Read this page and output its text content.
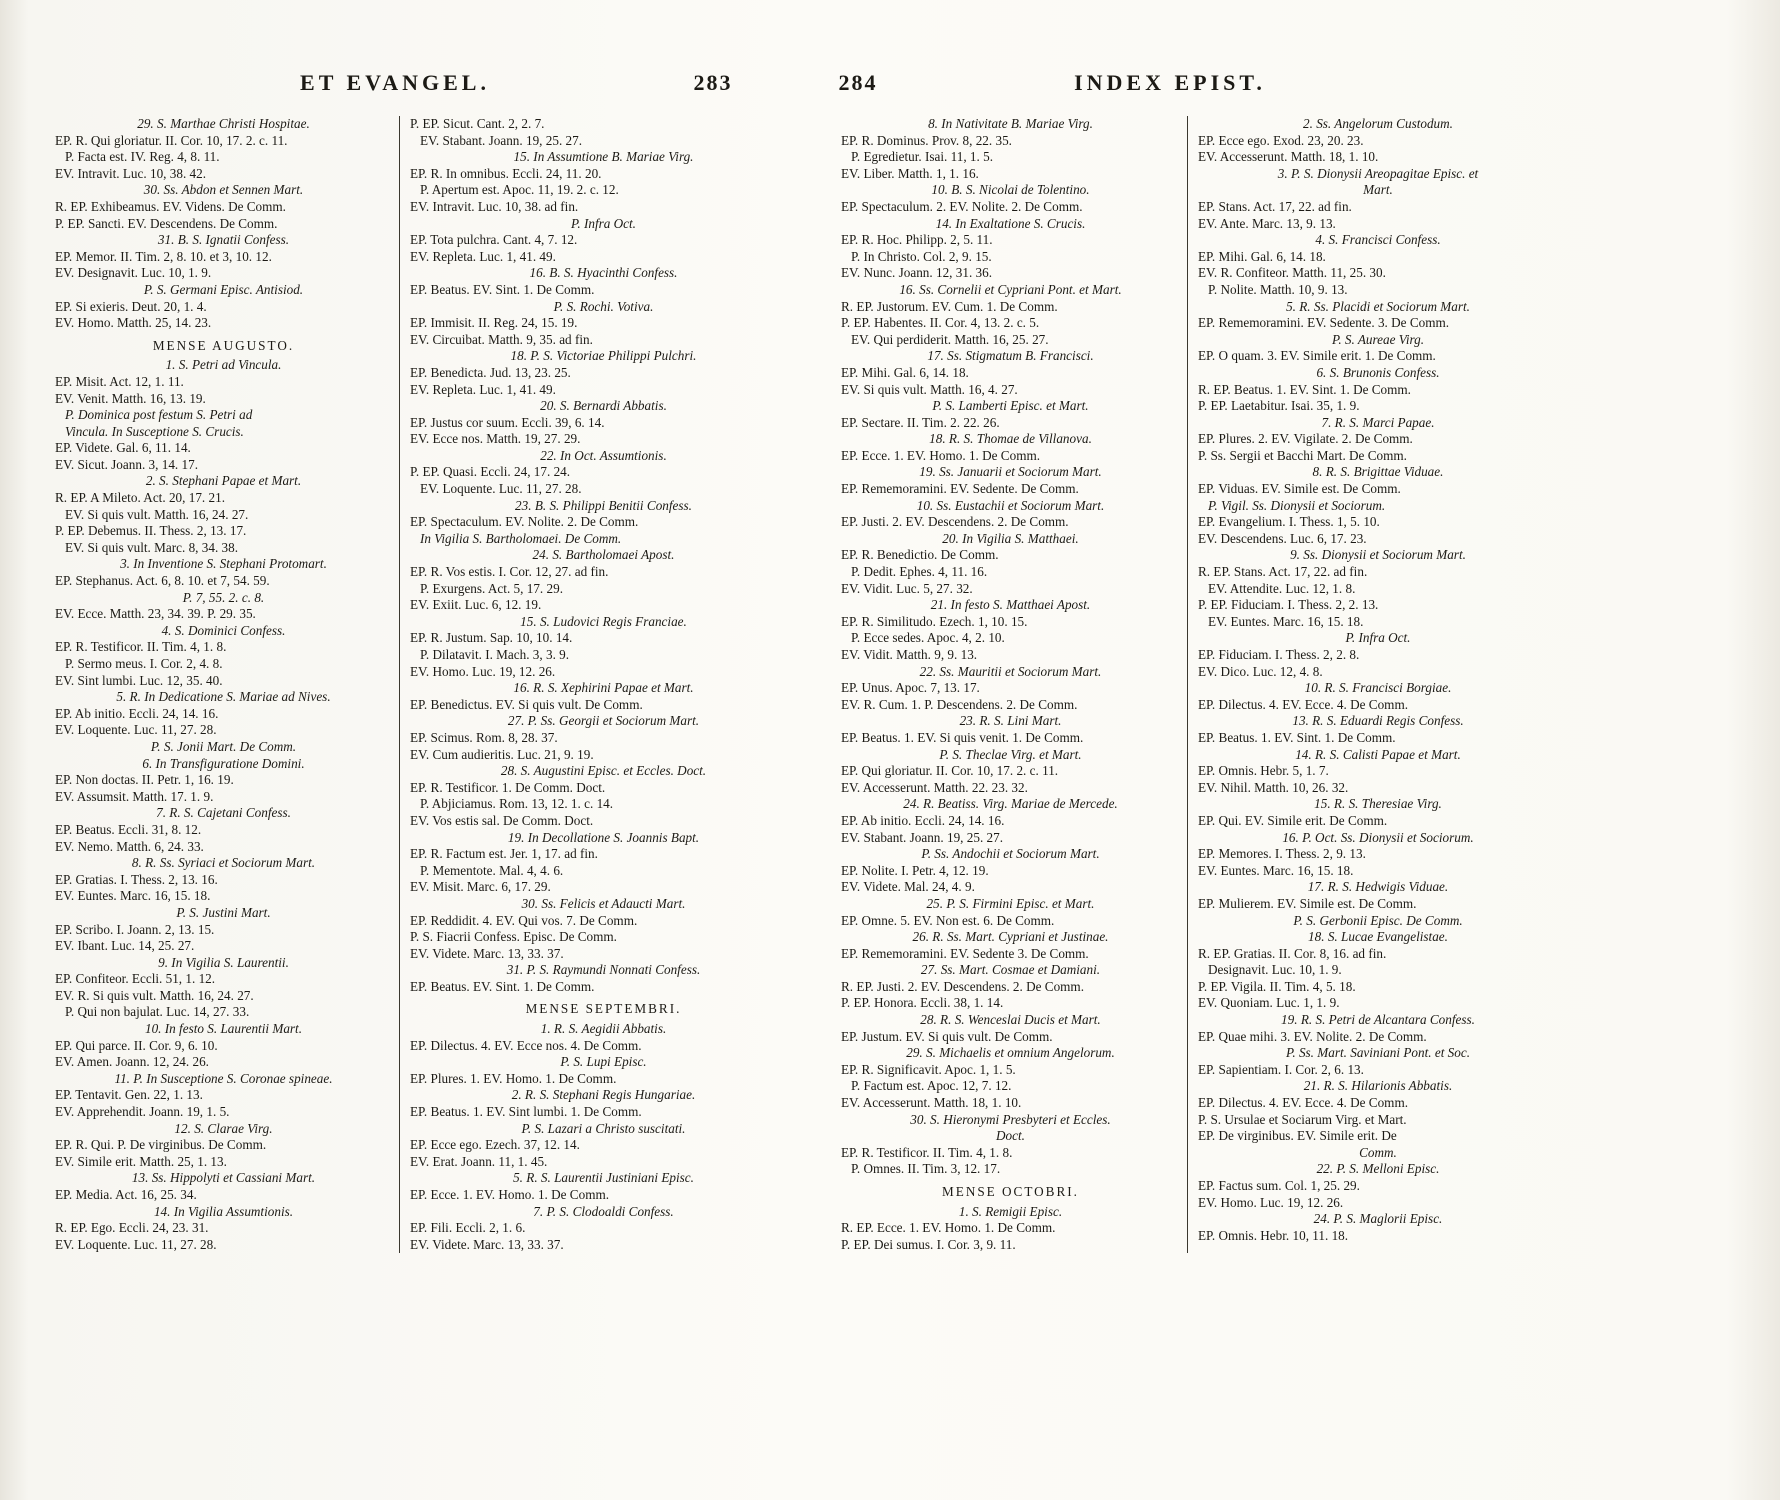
ET EVANGEL.	283	284	INDEX EPIST.
29. S. Marthae Christi Hospitae.
EP. R. Qui gloriatur. II. Cor. 10, 17. 2. c. 11.
P. Facta est. IV. Reg. 4, 8. 11.
EV. Intravit. Luc. 10, 38. 42.
30. Ss. Abdon et Sennen Mart.
R. EP. Exhibeamus. EV. Videns. De Comm.
P. EP. Sancti. EV. Descendens. De Comm.
31. B. S. Ignatii Confess.
EP. Memor. II. Tim. 2, 8. 10. et 3, 10. 12.
EV. Designavit. Luc. 10, 1. 9.
P. S. Germani Episc. Antisiod.
EP. Si exieris. Deut. 20, 1. 4.
EV. Homo. Matth. 25, 14. 23.
MENSE AUGUSTO.
1. S. Petri ad Vincula.
EP. Misit. Act. 12, 1. 11.
EV. Venit. Matth. 16, 13. 19.
P. Dominica post festum S. Petri ad
Vincula. In Susceptione S. Crucis.
EP. Videte. Gal. 6, 11. 14.
EV. Sicut. Joann. 3, 14. 17.
2. S. Stephani Papae et Mart.
R. EP. A Mileto. Act. 20, 17. 21.
EV. Si quis vult. Matth. 16, 24. 27.
P. EP. Debemus. II. Thess. 2, 13. 17.
EV. Si quis vult. Marc. 8, 34. 38.
3. In Inventione S. Stephani Protomart.
EP. Stephanus. Act. 6, 8. 10. et 7, 54. 59.
P. 7, 55. 2. c. 8.
EV. Ecce. Matth. 23, 34. 39. P. 29. 35.
4. S. Dominici Confess.
EP. R. Testificor. II. Tim. 4, 1. 8.
P. Sermo meus. I. Cor. 2, 4. 8.
EV. Sint lumbi. Luc. 12, 35. 40.
5. R. In Dedicatione S. Mariae ad Nives.
EP. Ab initio. Eccli. 24, 14. 16.
EV. Loquente. Luc. 11, 27. 28.
P. S. Jonii Mart. De Comm.
6. In Transfiguratione Domini.
EP. Non doctas. II. Petr. 1, 16. 19.
EV. Assumsit. Matth. 17. 1. 9.
7. R. S. Cajetani Confess.
EP. Beatus. Eccli. 31, 8. 12.
EV. Nemo. Matth. 6, 24. 33.
8. R. Ss. Syriaci et Sociorum Mart.
EP. Gratias. I. Thess. 2, 13. 16.
EV. Euntes. Marc. 16, 15. 18.
P. S. Justini Mart.
EP. Scribo. I. Joann. 2, 13. 15.
EV. Ibant. Luc. 14, 25. 27.
9. In Vigilia S. Laurentii.
EP. Confiteor. Eccli. 51, 1. 12.
EV. R. Si quis vult. Matth. 16, 24. 27.
P. Qui non bajulat. Luc. 14, 27. 33.
10. In festo S. Laurentii Mart.
EP. Qui parce. II. Cor. 9, 6. 10.
EV. Amen. Joann. 12, 24. 26.
11. P. In Susceptione S. Coronae spineae.
EP. Tentavit. Gen. 22, 1. 13.
EV. Apprehendit. Joann. 19, 1. 5.
12. S. Clarae Virg.
EP. R. Qui. P. De virginibus. De Comm.
EV. Simile erit. Matth. 25, 1. 13.
13. Ss. Hippolyti et Cassiani Mart.
EP. Media. Act. 16, 25. 34.
14. In Vigilia Assumtionis.
R. EP. Ego. Eccli. 24, 23. 31.
EV. Loquente. Luc. 11, 27. 28.
P. EP. Sicut. Cant. 2, 2. 7.
EV. Stabant. Joann. 19, 25. 27.
15. In Assumtione B. Mariae Virg.
EP. R. In omnibus. Eccli. 24, 11. 20.
P. Apertum est. Apoc. 11, 19. 2. c. 12.
EV. Intravit. Luc. 10, 38. ad fin.
P. Infra Oct.
EP. Tota pulchra. Cant. 4, 7. 12.
EV. Repleta. Luc. 1, 41. 49.
16. B. S. Hyacinthi Confess.
EP. Beatus. EV. Sint. 1. De Comm.
P. S. Rochi. Votiva.
EP. Immisit. II. Reg. 24, 15. 19.
EV. Circuibat. Matth. 9, 35. ad fin.
18. P. S. Victoriae Philippi Pulchri.
EP. Benedicta. Jud. 13, 23. 25.
EV. Repleta. Luc. 1, 41. 49.
20. S. Bernardi Abbatis.
EP. Justus cor suum. Eccli. 39, 6. 14.
EV. Ecce nos. Matth. 19, 27. 29.
22. In Oct. Assumtionis.
P. EP. Quasi. Eccli. 24, 17. 24.
EV. Loquente. Luc. 11, 27. 28.
23. B. S. Philippi Benitii Confess.
EP. Spectaculum. EV. Nolite. 2. De Comm.
In Vigilia S. Bartholomaei. De Comm.
24. S. Bartholomaei Apost.
EP. R. Vos estis. I. Cor. 12, 27. ad fin.
P. Exurgens. Act. 5, 17. 29.
EV. Exiit. Luc. 6, 12. 19.
15. S. Ludovici Regis Franciae.
EP. R. Justum. Sap. 10, 10. 14.
P. Dilatavit. I. Mach. 3, 3. 9.
EV. Homo. Luc. 19, 12. 26.
16. R. S. Xephirini Papae et Mart.
EP. Benedictus. EV. Si quis vult. De Comm.
27. P. Ss. Georgii et Sociorum Mart.
EP. Scimus. Rom. 8, 28. 37.
EV. Cum audieritis. Luc. 21, 9. 19.
28. S. Augustini Episc. et Eccles. Doct.
EP. R. Testificor. 1. De Comm. Doct.
P. Abjiciamus. Rom. 13, 12. 1. c. 14.
EV. Vos estis sal. De Comm. Doct.
19. In Decollatione S. Joannis Bapt.
EP. R. Factum est. Jer. 1, 17. ad fin.
P. Mementote. Mal. 4, 4. 6.
EV. Misit. Marc. 6, 17. 29.
30. Ss. Felicis et Adaucti Mart.
EP. Reddidit. 4. EV. Qui vos. 7. De Comm.
P. S. Fiacrii Confess. Episc. De Comm.
EV. Videte. Marc. 13, 33. 37.
31. P. S. Raymundi Nonnati Confess.
EP. Beatus. EV. Sint. 1. De Comm.
MENSE SEPTEMBRI.
1. R. S. Aegidii Abbatis.
EP. Dilectus. 4. EV. Ecce nos. 4. De Comm.
P. S. Lupi Episc.
EP. Plures. 1. EV. Homo. 1. De Comm.
2. R. S. Stephani Regis Hungariae.
EP. Beatus. 1. EV. Sint lumbi. 1. De Comm.
P. S. Lazari a Christo suscitati.
EP. Ecce ego. Ezech. 37, 12. 14.
EV. Erat. Joann. 11, 1. 45.
5. R. S. Laurentii Justiniani Episc.
EP. Ecce. 1. EV. Homo. 1. De Comm.
7. P. S. Clodoaldi Confess.
EP. Fili. Eccli. 2, 1. 6.
EV. Videte. Marc. 13, 33. 37.
8. In Nativitate B. Mariae Virg.
EP. R. Dominus. Prov. 8, 22. 35.
P. Egredietur. Isai. 11, 1. 5.
EV. Liber. Matth. 1, 1. 16.
10. B. S. Nicolai de Tolentino.
EP. Spectaculum. 2. EV. Nolite. 2. De Comm.
14. In Exaltatione S. Crucis.
EP. R. Hoc. Philipp. 2, 5. 11.
P. In Christo. Col. 2, 9. 15.
EV. Nunc. Joann. 12, 31. 36.
16. Ss. Cornelii et Cypriani Pont. et Mart.
R. EP. Justorum. EV. Cum. 1. De Comm.
P. EP. Habentes. II. Cor. 4, 13. 2. c. 5.
EV. Qui perdiderit. Matth. 16, 25. 27.
17. Ss. Stigmatum B. Francisci.
EP. Mihi. Gal. 6, 14. 18.
EV. Si quis vult. Matth. 16, 4. 27.
P. S. Lamberti Episc. et Mart.
EP. Sectare. II. Tim. 2. 22. 26.
18. R. S. Thomae de Villanova.
EP. Ecce. 1. EV. Homo. 1. De Comm.
19. Ss. Januarii et Sociorum Mart.
EP. Rememoramini. EV. Sedente. De Comm.
10. Ss. Eustachii et Sociorum Mart.
EP. Justi. 2. EV. Descendens. 2. De Comm.
20. In Vigilia S. Matthaei.
EP. R. Benedictio. De Comm.
P. Dedit. Ephes. 4, 11. 16.
EV. Vidit. Luc. 5, 27. 32.
21. In festo S. Matthaei Apost.
EP. R. Similitudo. Ezech. 1, 10. 15.
P. Ecce sedes. Apoc. 4, 2. 10.
EV. Vidit. Matth. 9, 9. 13.
22. Ss. Mauritii et Sociorum Mart.
EP. Unus. Apoc. 7, 13. 17.
EV. R. Cum. 1. P. Descendens. 2. De Comm.
23. R. S. Lini Mart.
EP. Beatus. 1. EV. Si quis venit. 1. De Comm.
P. S. Theclae Virg. et Mart.
EP. Qui gloriatur. II. Cor. 10, 17. 2. c. 11.
EV. Accesserunt. Matth. 22. 23. 32.
24. R. Beatiss. Virg. Mariae de Mercede.
EP. Ab initio. Eccli. 24, 14. 16.
EV. Stabant. Joann. 19, 25. 27.
P. Ss. Andochii et Sociorum Mart.
EP. Nolite. I. Petr. 4, 12. 19.
EV. Videte. Mal. 24, 4. 9.
25. P. S. Firmini Episc. et Mart.
EP. Omne. 5. EV. Non est. 6. De Comm.
26. R. Ss. Mart. Cypriani et Justinae.
EP. Rememoramini. EV. Sedente 3. De Comm.
27. Ss. Mart. Cosmae et Damiani.
R. EP. Justi. 2. EV. Descendens. 2. De Comm.
P. EP. Honora. Eccli. 38, 1. 14.
28. R. S. Wenceslai Ducis et Mart.
EP. Justum. EV. Si quis vult. De Comm.
29. S. Michaelis et omnium Angelorum.
EP. R. Significavit. Apoc. 1, 1. 5.
P. Factum est. Apoc. 12, 7. 12.
EV. Accesserunt. Matth. 18, 1. 10.
30. S. Hieronymi Presbyteri et Eccles.
Doct.
EP. R. Testificor. II. Tim. 4, 1. 8.
P. Omnes. II. Tim. 3, 12. 17.
MENSE OCTOBRI.
1. S. Remigii Episc.
R. EP. Ecce. 1. EV. Homo. 1. De Comm.
P. EP. Dei sumus. I. Cor. 3, 9. 11.
2. Ss. Angelorum Custodum.
EP. Ecce ego. Exod. 23, 20. 23.
EV. Accesserunt. Matth. 18, 1. 10.
3. P. S. Dionysii Areopagitae Episc. et
Mart.
EP. Stans. Act. 17, 22. ad fin.
EV. Ante. Marc. 13, 9. 13.
4. S. Francisci Confess.
EP. Mihi. Gal. 6, 14. 18.
EV. R. Confiteor. Matth. 11, 25. 30.
P. Nolite. Matth. 10, 9. 13.
5. R. Ss. Placidi et Sociorum Mart.
EP. Rememoramini. EV. Sedente. 3. De Comm.
P. S. Aureae Virg.
EP. O quam. 3. EV. Simile erit. 1. De Comm.
6. S. Brunonis Confess.
R. EP. Beatus. 1. EV. Sint. 1. De Comm.
P. EP. Laetabitur. Isai. 35, 1. 9.
7. R. S. Marci Papae.
EP. Plures. 2. EV. Vigilate. 2. De Comm.
P. Ss. Sergii et Bacchi Mart. De Comm.
8. R. S. Brigittae Viduae.
EP. Viduas. EV. Simile est. De Comm.
P. Vigil. Ss. Dionysii et Sociorum.
EP. Evangelium. I. Thess. 1, 5. 10.
EV. Descendens. Luc. 6, 17. 23.
9. Ss. Dionysii et Sociorum Mart.
R. EP. Stans. Act. 17, 22. ad fin.
EV. Attendite. Luc. 12, 1. 8.
P. EP. Fiduciam. I. Thess. 2, 2. 13.
EV. Euntes. Marc. 16, 15. 18.
P. Infra Oct.
EP. Fiduciam. I. Thess. 2, 2. 8.
EV. Dico. Luc. 12, 4. 8.
10. R. S. Francisci Borgiae.
EP. Dilectus. 4. EV. Ecce. 4. De Comm.
13. R. S. Eduardi Regis Confess.
EP. Beatus. 1. EV. Sint. 1. De Comm.
14. R. S. Calisti Papae et Mart.
EP. Omnis. Hebr. 5, 1. 7.
EV. Nihil. Matth. 10, 26. 32.
15. R. S. Theresiae Virg.
EP. Qui. EV. Simile erit. De Comm.
16. P. Oct. Ss. Dionysii et Sociorum.
EP. Memores. I. Thess. 2, 9. 13.
EV. Euntes. Marc. 16, 15. 18.
17. R. S. Hedwigis Viduae.
EP. Mulierem. EV. Simile est. De Comm.
P. S. Gerbonii Episc. De Comm.
18. S. Lucae Evangelistae.
R. EP. Gratias. II. Cor. 8, 16. ad fin.
Designavit. Luc. 10, 1. 9.
P. EP. Vigila. II. Tim. 4, 5. 18.
EV. Quoniam. Luc. 1, 1. 9.
19. R. S. Petri de Alcantara Confess.
EP. Quae mihi. 3. EV. Nolite. 2. De Comm.
P. Ss. Mart. Saviniani Pont. et Soc.
EP. Sapientiam. I. Cor. 2, 6. 13.
21. R. S. Hilarionis Abbatis.
EP. Dilectus. 4. EV. Ecce. 4. De Comm.
P. S. Ursulae et Sociarum Virg. et Mart.
EP. De virginibus. EV. Simile erit. De
Comm.
22. P. S. Melloni Episc.
EP. Factus sum. Col. 1, 25. 29.
EV. Homo. Luc. 19, 12. 26.
24. P. S. Maglorii Episc.
EP. Omnis. Hebr. 10, 11. 18.
